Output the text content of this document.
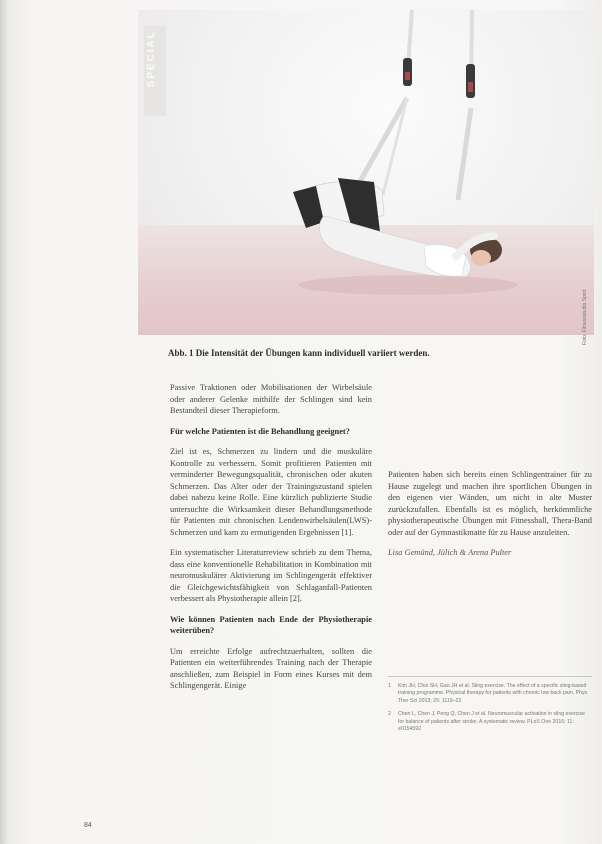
SPECIAL
Foto: Fitnessstudio Sport
Abb. 1 Die Intensität der Übungen kann individuell variiert werden.

Passive Traktionen oder Mobilisationen der Wirbelsäule oder anderer Gelenke mithilfe der Schlingen sind kein Bestandteil dieser Therapieform.

Für welche Patienten ist die Behandlung geeignet?

Ziel ist es, Schmerzen zu lindern und die muskuläre Kontrolle zu verbessern. Somit profitieren Patienten mit verminderter Bewegungsqualität, chronischen oder akuten Schmerzen. Das Alter oder der Trainingszustand spielen dabei nahezu keine Rolle. Eine kürzlich publizierte Studie untersuchte die Wirksamkeit dieser Behandlungsmethode für Patienten mit chronischen Lendenwirbelsäulen(LWS)-Schmerzen und kam zu ermutigenden Ergebnissen [1].

Ein systematischer Literaturreview schrieb zu dem Thema, dass eine konventionelle Rehabilitation in Kombination mit neuromuskulärer Aktivierung im Schlingengerät effektiver die Gleichgewichtsfähigkeit von Schlaganfall-Patienten verbessert als Physiotherapie allein [2].

Wie können Patienten nach Ende der Physiotherapie weiterüben?

Um erreichte Erfolge aufrechtzuerhalten, sollten die Patienten ein weiterführendes Training nach der Therapie anschließen, zum Beispiel in Form eines Kurses mit dem Schlingengerät. Einige

Patienten haben sich bereits einen Schlingentrainer für zu Hause zugelegt und machen ihre sportlichen Übungen in den eigenen vier Wänden, um nicht in alte Muster zurückzufallen. Ebenfalls ist es möglich, herkömmliche physiotherapeutische Übungen mit Fitnessball, Thera-Band oder auf der Gymnastikmatte für zu Hause anzuleiten.

Lisa Gemünd, Jülich & Arena Pulter

1	Kim JH, Choi SH, Gao JH et al. Sling exercise. The effect of a specific sling-based training programme. Physical therapy for patients with chronic low back pain. Phys Ther Sci 2013; 25: 1119–22
2	Chen L, Chen J, Peng Q, Chen J et al. Neuromuscular activation in sling exercise for balance of patients after stroke. A systematic review. PLoS One 2016; 11: e0154592
84
